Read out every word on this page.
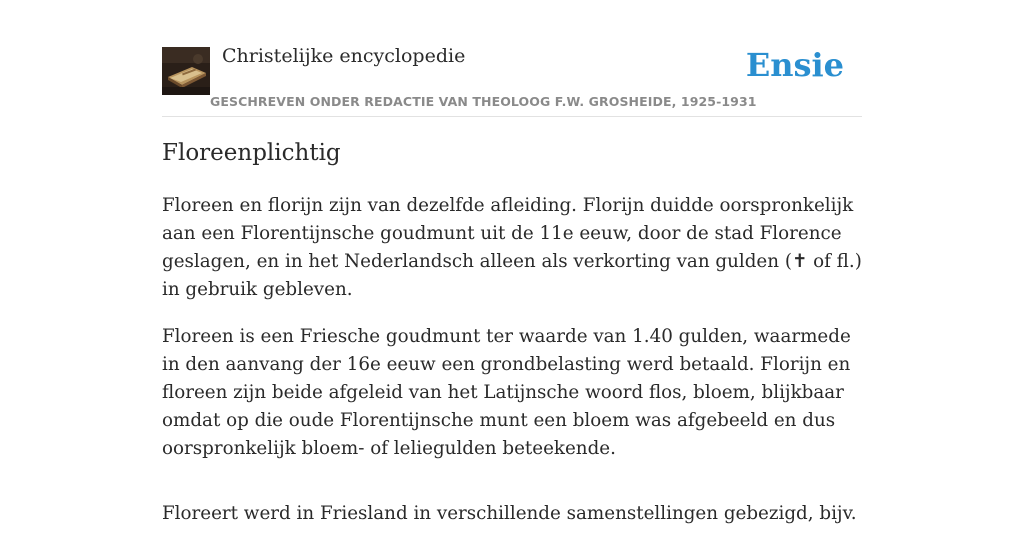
Christelijke encyclopedie
GESCHREVEN ONDER REDACTIE VAN THEOLOOG F.W. GROSHEIDE, 1925-1931
Ensie
Floreenplichtig

Floreen en florijn zijn van dezelfde afleiding. Florijn duidde oorspronkelijk aan een Florentijnsche goudmunt uit de 11e eeuw, door de stad Florence geslagen, en in het Nederlandsch alleen als verkorting van gulden (✝ of fl.) in gebruik gebleven.

Floreen is een Friesche goudmunt ter waarde van 1.40 gulden, waarmede in den aanvang der 16e eeuw een grondbelasting werd betaald. Florijn en floreen zijn beide afgeleid van het Latijnsche woord flos, bloem, blijkbaar omdat op die oude Florentijnsche munt een bloem was afgebeeld en dus oorspronkelijk bloem- of leliegulden beteekende.

Floreert werd in Friesland in verschillende samenstellingen gebezigd, bijv.
